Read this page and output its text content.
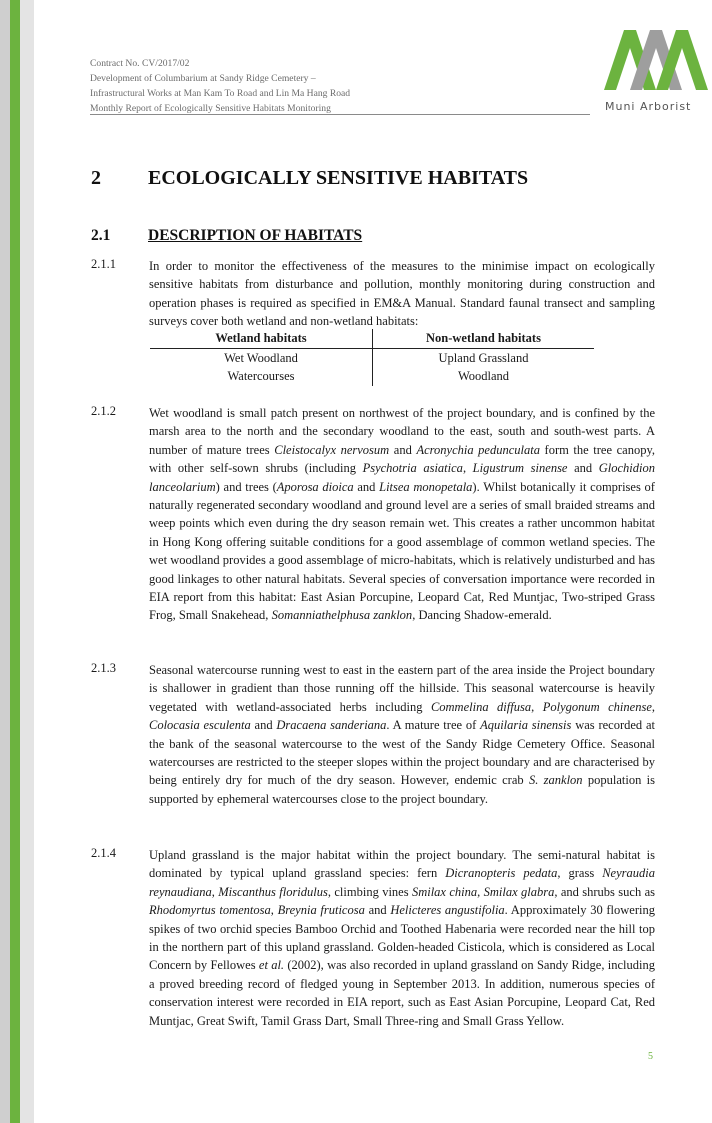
Contract No. CV/2017/02
Development of Columbarium at Sandy Ridge Cemetery –
Infrastructural Works at Man Kam To Road and Lin Ma Hang Road
Monthly Report of Ecologically Sensitive Habitats Monitoring	Muni Arborist
2 ECOLOGICALLY SENSITIVE HABITATS
2.1 DESCRIPTION OF HABITATS
2.1.1	In order to monitor the effectiveness of the measures to the minimise impact on ecologically sensitive habitats from disturbance and pollution, monthly monitoring during construction and operation phases is required as specified in EM&A Manual. Standard faunal transect and sampling surveys cover both wetland and non-wetland habitats:
Wetland habitats	Non-wetland habitats
Wet Woodland	Upland Grassland
Watercourses	Woodland
2.1.2	Wet woodland is small patch present on northwest of the project boundary, and is confined by the marsh area to the north and the secondary woodland to the east, south and south-west parts. A number of mature trees Cleistocalyx nervosum and Acronychia pedunculata form the tree canopy, with other self-sown shrubs (including Psychotria asiatica, Ligustrum sinense and Glochidion lanceolarium) and trees (Aporosa dioica and Litsea monopetala). Whilst botanically it comprises of naturally regenerated secondary woodland and ground level are a series of small braided streams and weep points which even during the dry season remain wet. This creates a rather uncommon habitat in Hong Kong offering suitable conditions for a good assemblage of common wetland species. The wet woodland provides a good assemblage of micro-habitats, which is relatively undisturbed and has good linkages to other natural habitats. Several species of conversation importance were recorded in EIA report from this habitat: East Asian Porcupine, Leopard Cat, Red Muntjac, Two-striped Grass Frog, Small Snakehead, Somanniathelphusa zanklon, Dancing Shadow-emerald.
2.1.3	Seasonal watercourse running west to east in the eastern part of the area inside the Project boundary is shallower in gradient than those running off the hillside. This seasonal watercourse is heavily vegetated with wetland-associated herbs including Commelina diffusa, Polygonum chinense, Colocasia esculenta and Dracaena sanderiana. A mature tree of Aquilaria sinensis was recorded at the bank of the seasonal watercourse to the west of the Sandy Ridge Cemetery Office. Seasonal watercourses are restricted to the steeper slopes within the project boundary and are characterised by being entirely dry for much of the dry season. However, endemic crab S. zanklon population is supported by ephemeral watercourses close to the project boundary.
2.1.4	Upland grassland is the major habitat within the project boundary. The semi-natural habitat is dominated by typical upland grassland species: fern Dicranopteris pedata, grass Neyraudia reynaudiana, Miscanthus floridulus, climbing vines Smilax china, Smilax glabra, and shrubs such as Rhodomyrtus tomentosa, Breynia fruticosa and Helicteres angustifolia. Approximately 30 flowering spikes of two orchid species Bamboo Orchid and Toothed Habenaria were recorded near the hill top in the northern part of this upland grassland. Golden-headed Cisticola, which is considered as Local Concern by Fellowes et al. (2002), was also recorded in upland grassland on Sandy Ridge, including a proved breeding record of fledged young in September 2013. In addition, numerous species of conservation interest were recorded in EIA report, such as East Asian Porcupine, Leopard Cat, Red Muntjac, Great Swift, Tamil Grass Dart, Small Three-ring and Small Grass Yellow.
5
